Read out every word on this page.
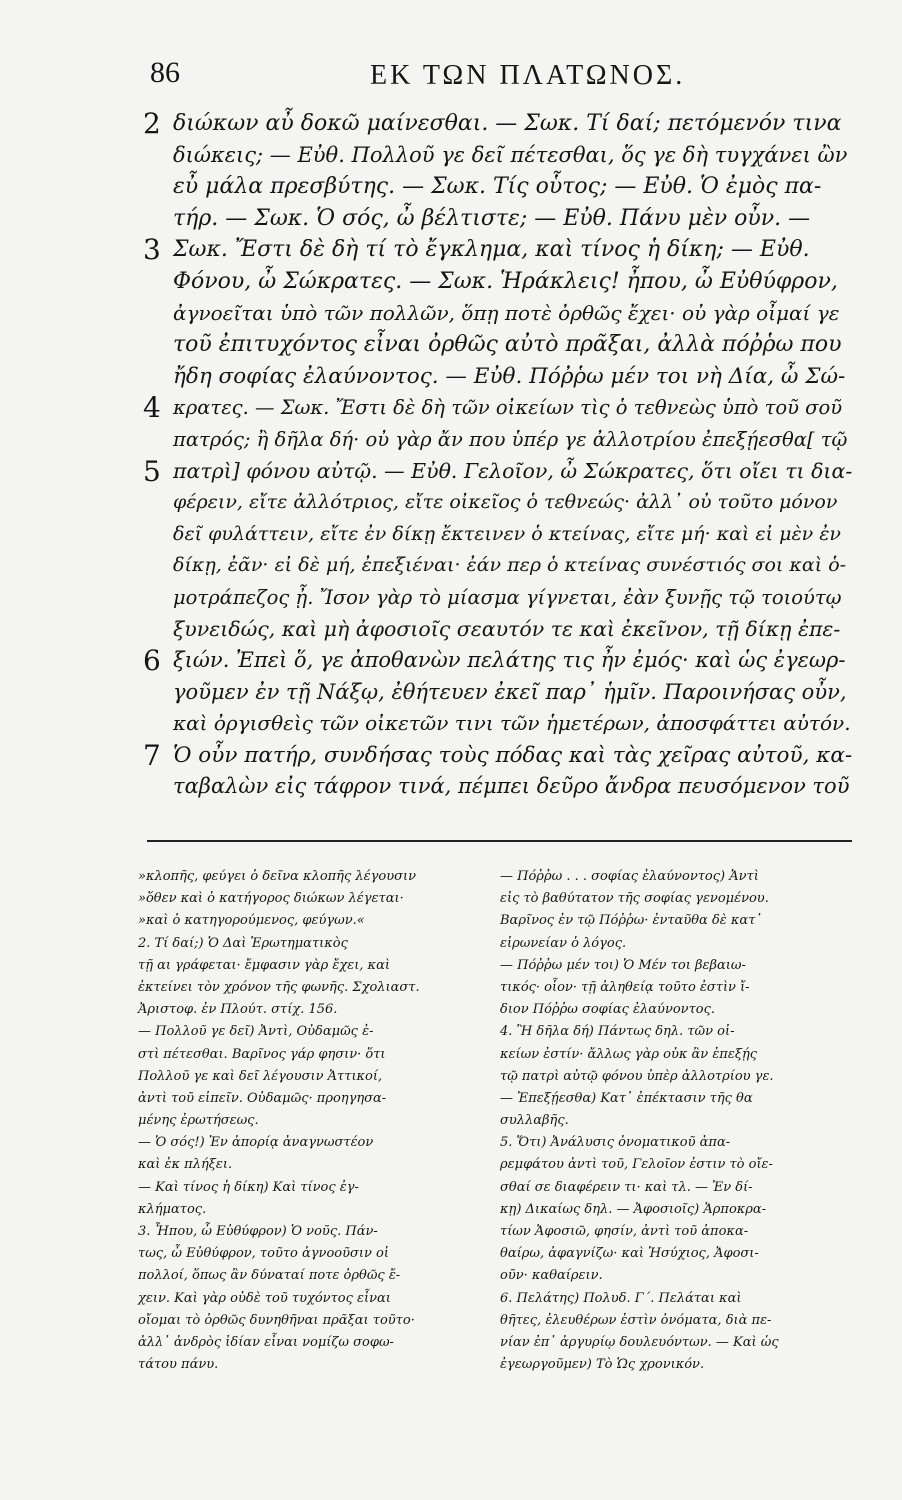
86	ΕΚ ΤΩΝ ΠΛΑΤΩΝΟΣ.
2 διώκων αὖ δοκῶ μαίνεσθαι. — Σωκ. Τί δαί; πετόμενόν τινα
διώκεις; — Εὐθ. Πολλοῦ γε δεῖ πέτεσθαι, ὅς γε δὴ τυγχάνει ὢν
εὖ μάλα πρεσβύτης. — Σωκ. Τίς οὗτος; — Εὐθ. Ὁ ἐμὸς πα-
τήρ. — Σωκ. Ὁ σός, ὦ βέλτιστε; — Εὐθ. Πάνυ μὲν οὖν. —
3 Σωκ. Ἔστι δὲ δὴ τί τὸ ἔγκλημα, καὶ τίνος ἡ δίκη; — Εὐθ.
Φόνου, ὦ Σώκρατες. — Σωκ. Ἡράκλεις! ἦπου, ὦ Εὐθύφρον,
ἀγνοεῖται ὑπὸ τῶν πολλῶν, ὅπῃ ποτὲ ὀρθῶς ἔχει· οὐ γὰρ οἶμαί γε
τοῦ ἐπιτυχόντος εἶναι ὀρθῶς αὐτὸ πρᾶξαι, ἀλλὰ πόῤῥω που
ἤδη σοφίας ἐλαύνοντος. — Εὐθ. Πόῤῥω μέν τοι νὴ Δία, ὦ Σώ-
4 κρατες. — Σωκ. Ἔστι δὲ δὴ τῶν οἰκείων τὶς ὁ τεθνεὼς ὑπὸ τοῦ σοῦ
πατρός; ἢ δῆλα δή· οὐ γὰρ ἄν που ὑπέρ γε ἀλλοτρίου ἐπεξῄεσθα[ τῷ
5 πατρὶ] φόνου αὐτῷ. — Εὐθ. Γελοῖον, ὦ Σώκρατες, ὅτι οἴει τι δια-
φέρειν, εἴτε ἀλλότριος, εἴτε οἰκεῖος ὁ τεθνεώς· ἀλλ᾽ οὐ τοῦτο μόνον
δεῖ φυλάττειν, εἴτε ἐν δίκῃ ἔκτεινεν ὁ κτείνας, εἴτε μή· καὶ εἰ μὲν ἐν
δίκῃ, ἐᾶν· εἰ δὲ μή, ἐπεξιέναι· ἐάν περ ὁ κτείνας συνέστιός σοι καὶ ὁ-
μοτράπεζος ᾖ. Ἴσον γὰρ τὸ μίασμα γίγνεται, ἐὰν ξυνῇς τῷ τοιούτῳ
ξυνειδώς, καὶ μὴ ἀφοσιοῖς σεαυτόν τε καὶ ἐκεῖνον, τῇ δίκῃ ἐπε-
6 ξιών. Ἐπεὶ ὅ, γε ἀποθανὼν πελάτης τις ἦν ἐμός· καὶ ὡς ἐγεωρ-
γοῦμεν ἐν τῇ Νάξῳ, ἐθήτευεν ἐκεῖ παρ᾽ ἡμῖν. Παροινήσας οὖν,
καὶ ὀργισθεὶς τῶν οἰκετῶν τινι τῶν ἡμετέρων, ἀποσφάττει αὐτόν.
7 Ὁ οὖν πατήρ, συνδήσας τοὺς πόδας καὶ τὰς χεῖρας αὐτοῦ, κα-
ταβαλὼν εἰς τάφρον τινά, πέμπει δεῦρο ἄνδρα πευσόμενον τοῦ
»κλοπῆς, φεύγει ὁ δεῖνα κλοπῆς λέγουσιν
»ὅθεν καὶ ὁ κατήγορος διώκων λέγεται·
»καὶ ὁ κατηγορούμενος, φεύγων.«
2. Τί δαί;) Ὁ Δαὶ Ἐρωτηματικὸς
τῇ αι γράφεται· ἔμφασιν γὰρ ἔχει, καὶ
ἐκτείνει τὸν χρόνον τῆς φωνῆς. Σχολιαστ.
Ἀριστοφ. ἐν Πλούτ. στίχ. 156.
— Πολλοῦ γε δεῖ) Ἀντὶ, Οὐδαμῶς ἐ-
στὶ πέτεσθαι. Βαρῖνος γάρ φησιν· ὅτι
Πολλοῦ γε καὶ δεῖ λέγουσιν Ἀττικοί,
ἀντὶ τοῦ εἰπεῖν. Οὐδαμῶς· προηγησα-
μένης ἐρωτήσεως.
— Ὁ σός!) Ἐν ἀπορίᾳ ἀναγνωστέον
καὶ ἐκ πλήξει.
— Καὶ τίνος ἡ δίκη) Καὶ τίνος ἐγ-
κλήματος.
3. Ἦπου, ὦ Εὐθύφρον) Ὁ νοῦς. Πάν-
τως, ὦ Εὐθύφρον, τοῦτο ἀγνοοῦσιν οἱ
πολλοί, ὅπως ἂν δύναταί ποτε ὀρθῶς ἔ-
χειν. Καὶ γὰρ οὐδὲ τοῦ τυχόντος εἶναι
οἴομαι τὸ ὀρθῶς δυνηθῆναι πρᾶξαι τοῦτο·
ἀλλ᾽ ἀνδρὸς ἰδίαν εἶναι νομίζω σοφω-
τάτου πάνυ.
— Πόῤῥω . . . σοφίας ἐλαύνοντος) Ἀντὶ
εἰς τὸ βαθύτατον τῆς σοφίας γενομένου.
Βαρῖνος ἐν τῷ Πόῤῥω· ἐνταῦθα δὲ κατ᾽
εἰρωνείαν ὁ λόγος.
— Πόῤῥω μέν τοι) Ὁ Μέν τοι βεβαιω-
τικός· οἷον· τῇ ἀληθείᾳ τοῦτο ἐστὶν ἴ-
διον Πόῤῥω σοφίας ἐλαύνοντος.
4. Ἢ δῆλα δή) Πάντως δηλ. τῶν οἰ-
κείων ἐστίν· ἄλλως γὰρ οὐκ ἂν ἐπεξῄς
τῷ πατρὶ αὐτῷ φόνου ὑπὲρ ἀλλοτρίου γε.
— Ἐπεξῄεσθα) Κατ᾽ ἐπέκτασιν τῆς θα
συλλαβῆς.
5. Ὅτι) Ἀνάλυσις ὀνοματικοῦ ἀπα-
ρεμφάτου ἀντὶ τοῦ, Γελοῖον ἐστιν τὸ οἴε-
σθαί σε διαφέρειν τι· καὶ τλ. — Ἐν δί-
κῃ) Δικαίως δηλ. — Ἀφοσιοῖς) Ἁρποκρα-
τίων Ἀφοσιῶ, φησίν, ἀντὶ τοῦ ἀποκα-
θαίρω, ἀφαγνίζω· καὶ Ἡσύχιος, Ἀφοσι-
οῦν· καθαίρειν.
6. Πελάτης) Πολυδ. Γ΄. Πελάται καὶ
θῆτες, ἐλευθέρων ἐστὶν ὀνόματα, διὰ πε-
νίαν ἐπ᾽ ἀργυρίῳ δουλευόντων. — Καὶ ὡς
ἐγεωργοῦμεν) Τὸ Ὡς χρονικόν.
